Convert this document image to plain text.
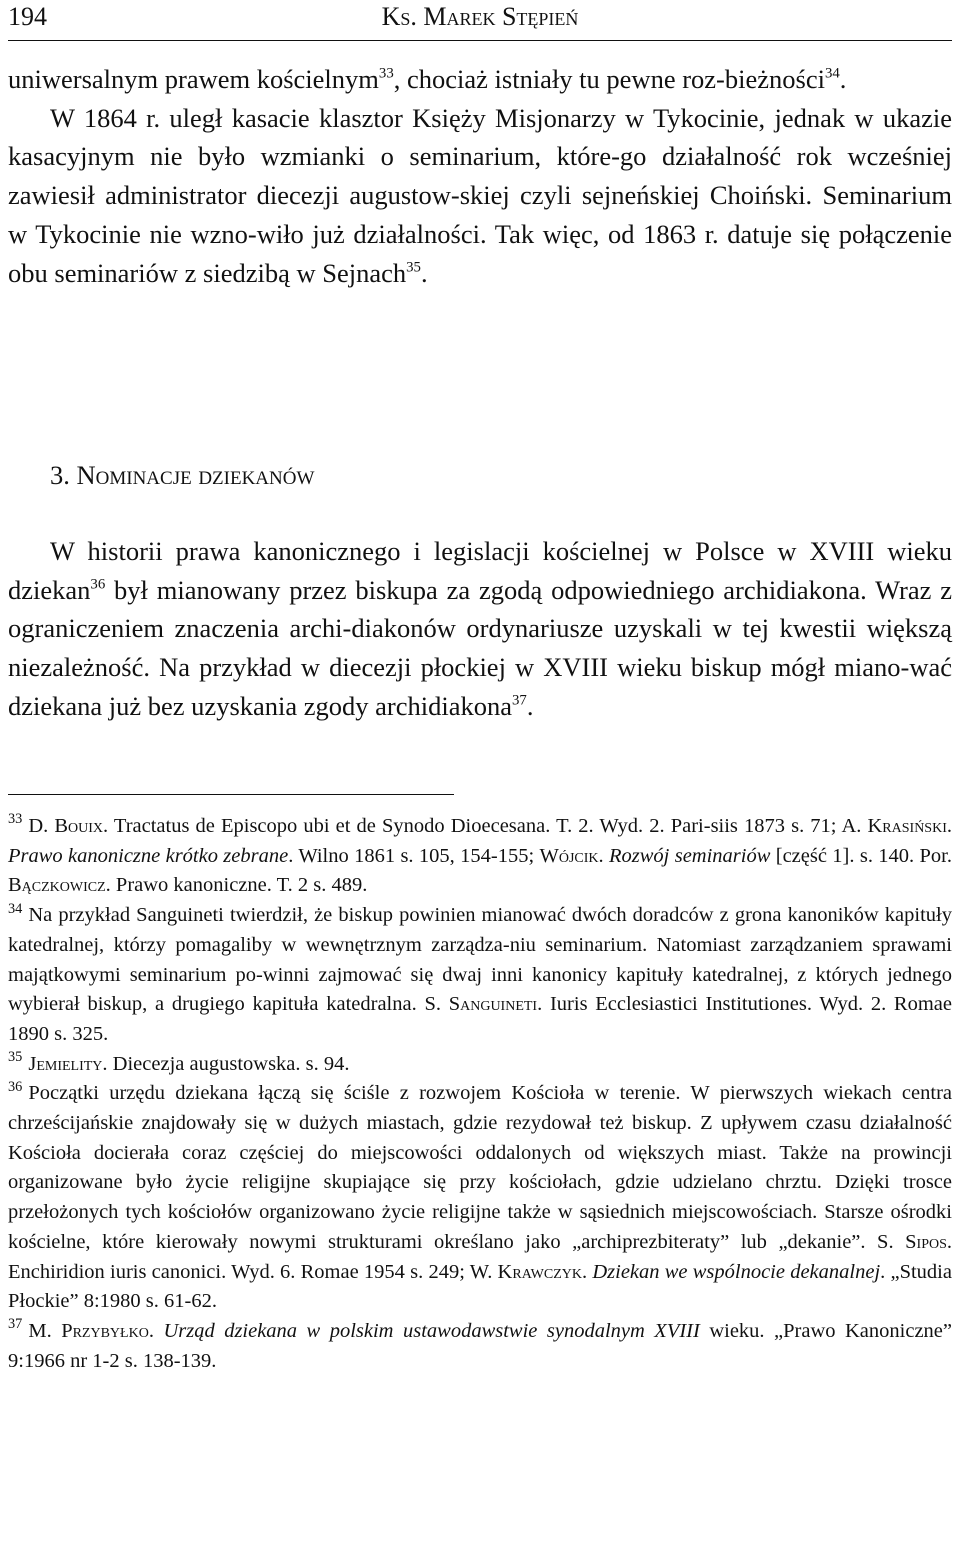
194	Ks. Marek Stępień

uniwersalnym prawem kościelnym$^{33}$, chociaż istniały tu pewne roz-bieżności$^{34}$.

W 1864 r. uległ kasacie klasztor Księży Misjonarzy w Tykocinie, jednak w ukazie kasacyjnym nie było wzmianki o seminarium, które-go działalność rok wcześniej zawiesił administrator diecezji augustow-skiej czyli sejneńskiej Choiński. Seminarium w Tykocinie nie wzno-wiło już działalności. Tak więc, od 1863 r. datuje się połączenie obu seminariów z siedzibą w Sejnach$^{35}$.

3. Nominacje dziekanów

W historii prawa kanonicznego i legislacji kościelnej w Polsce w XVIII wieku dziekan$^{36}$ był mianowany przez biskupa za zgodą odpowiedniego archidiakona. Wraz z ograniczeniem znaczenia archi-diakonów ordynariusze uzyskali w tej kwestii większą niezależność. Na przykład w diecezji płockiej w XVIII wieku biskup mógł miano-wać dziekana już bez uzyskania zgody archidiakona$^{37}$.

$^{33}$ D. Bouix. Tractatus de Episcopo ubi et de Synodo Dioecesana. T. 2. Wyd. 2. Pari-siis 1873 s. 71; A. Krasiński. Prawo kanoniczne krótko zebrane. Wilno 1861 s. 105, 154-155; Wójcik. Rozwój seminariów [część 1]. s. 140. Por. Bączkowicz. Prawo kanoniczne. T. 2 s. 489.

$^{34}$ Na przykład Sanguineti twierdził, że biskup powinien mianować dwóch doradców z grona kanoników kapituły katedralnej, którzy pomagaliby w wewnętrznym zarządza-niu seminarium. Natomiast zarządzaniem sprawami majątkowymi seminarium po-winni zajmować się dwaj inni kanonicy kapituły katedralnej, z których jednego wybierał biskup, a drugiego kapituła katedralna. S. Sanguineti. Iuris Ecclesiastici Institutiones. Wyd. 2. Romae 1890 s. 325.

$^{35}$ Jemielity. Diecezja augustowska. s. 94.

$^{36}$ Początki urzędu dziekana łączą się ściśle z rozwojem Kościoła w terenie. W pierwszych wiekach centra chrześcijańskie znajdowały się w dużych miastach, gdzie rezydował też biskup. Z upływem czasu działalność Kościoła docierała coraz częściej do miejscowości oddalonych od większych miast. Także na prowincji organizowane było życie religijne skupiające się przy kościołach, gdzie udzielano chrztu. Dzięki trosce przełożonych tych kościołów organizowano życie religijne także w sąsiednich miejscowościach. Starsze ośrodki kościelne, które kierowały nowymi strukturami określano jako „archiprezbiteraty” lub „dekanie”. S. Sipos. Enchiridion iuris canonici. Wyd. 6. Romae 1954 s. 249; W. Krawczyk. Dziekan we wspólnocie dekanalnej. „Studia Płockie” 8:1980 s. 61-62.

$^{37}$ M. Przybyłko. Urząd dziekana w polskim ustawodawstwie synodalnym XVIII wieku. „Prawo Kanoniczne” 9:1966 nr 1-2 s. 138-139.
